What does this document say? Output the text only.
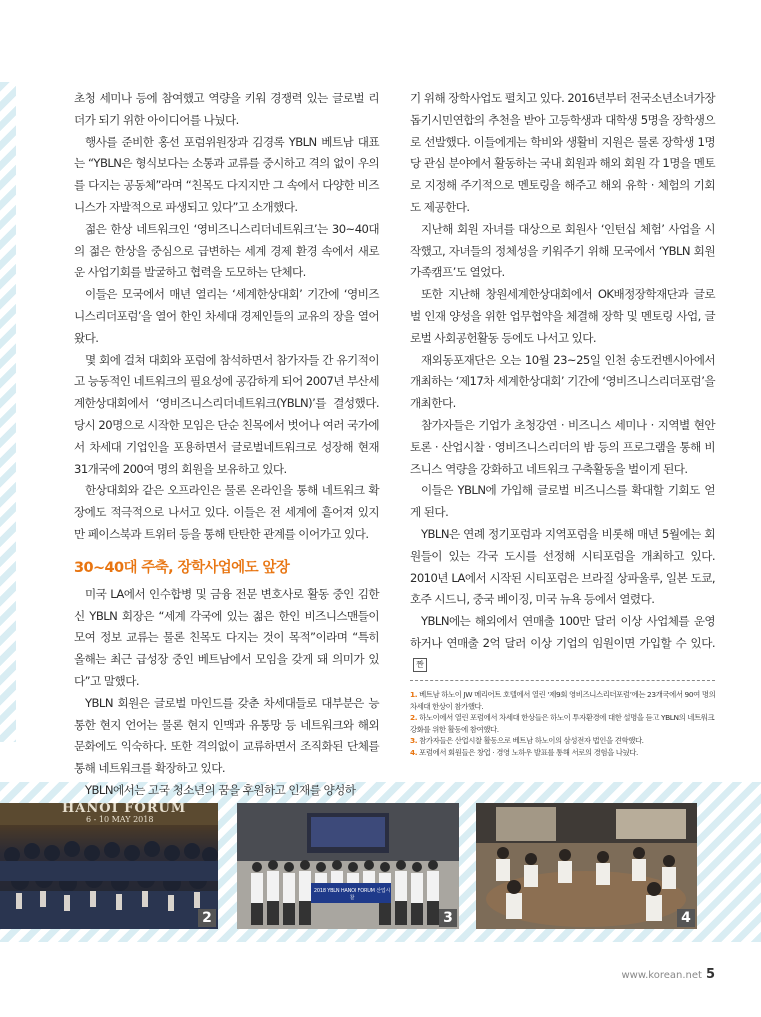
초청 세미나 등에 참여했고 역량을 키워 경쟁력 있는 글로벌 리더가 되기 위한 아이디어를 나눴다.

행사를 준비한 홍선 포럼위원장과 김경록 YBLN 베트남 대표는 “YBLN은 형식보다는 소통과 교류를 중시하고 격의 없이 우의를 다지는 공동체”라며 “친목도 다지지만 그 속에서 다양한 비즈니스가 자발적으로 파생되고 있다”고 소개했다.

젊은 한상 네트워크인 ‘영비즈니스리더네트워크’는 30~40대의 젊은 한상을 중심으로 급변하는 세계 경제 환경 속에서 새로운 사업기회를 발굴하고 협력을 도모하는 단체다.

이들은 모국에서 매년 열리는 ‘세계한상대회’ 기간에 ‘영비즈니스리더포럼’을 열어 한인 차세대 경제인들의 교유의 장을 열어왔다.

몇 회에 걸쳐 대회와 포럼에 참석하면서 참가자들 간 유기적이고 능동적인 네트워크의 필요성에 공감하게 되어 2007년 부산세계한상대회에서 ‘영비즈니스리더네트워크(YBLN)’를 결성했다. 당시 20명으로 시작한 모임은 단순 친목에서 벗어나 여러 국가에서 차세대 기업인을 포용하면서 글로벌네트워크로 성장해 현재 31개국에 200여 명의 회원을 보유하고 있다.

한상대회와 같은 오프라인은 물론 온라인을 통해 네트워크 확장에도 적극적으로 나서고 있다. 이들은 전 세계에 흩어져 있지만 페이스북과 트위터 등을 통해 탄탄한 관계를 이어가고 있다.

30~40대 주축, 장학사업에도 앞장

미국 LA에서 인수합병 및 금융 전문 변호사로 활동 중인 김한신 YBLN 회장은 “세계 각국에 있는 젊은 한인 비즈니스맨들이 모여 정보 교류는 물론 친목도 다지는 것이 목적”이라며 “특히 올해는 최근 급성장 중인 베트남에서 모임을 갖게 돼 의미가 있다”고 말했다.

YBLN 회원은 글로벌 마인드를 갖춘 차세대들로 대부분은 능통한 현지 언어는 물론 현지 인맥과 유통망 등 네트워크와 해외 문화에도 익숙하다. 또한 격의없이 교류하면서 조직화된 단체를 통해 네트워크를 확장하고 있다.

YBLN에서는 고국 청소년의 꿈을 후원하고 인재를 양성하

기 위해 장학사업도 펼치고 있다. 2016년부터 전국소년소녀가장돕기시민연합의 추천을 받아 고등학생과 대학생 5명을 장학생으로 선발했다. 이들에게는 학비와 생활비 지원은 물론 장학생 1명당 관심 분야에서 활동하는 국내 회원과 해외 회원 각 1명을 멘토로 지정해 주기적으로 멘토링을 해주고 해외 유학 · 체험의 기회도 제공한다.

지난해 회원 자녀를 대상으로 회원사 ‘인턴십 체험’ 사업을 시작했고, 자녀들의 정체성을 키워주기 위해 모국에서 ‘YBLN 회원 가족캠프’도 열었다.

또한 지난해 창원세계한상대회에서 OK배정장학재단과 글로벌 인재 양성을 위한 업무협약을 체결해 장학 및 멘토링 사업, 글로벌 사회공헌활동 등에도 나서고 있다.

재외동포재단은 오는 10월 23~25일 인천 송도컨벤시아에서 개최하는 ‘제17차 세계한상대회’ 기간에 ‘영비즈니스리더포럼’을 개최한다.

참가자들은 기업가 초청강연 · 비즈니스 세미나 · 지역별 현안 토론 · 산업시찰 · 영비즈니스리더의 밤 등의 프로그램을 통해 비즈니스 역량을 강화하고 네트워크 구축활동을 벌이게 된다.

이들은 YBLN에 가입해 글로벌 비즈니스를 확대할 기회도 얻게 된다.

YBLN은 연례 정기포럼과 지역포럼을 비롯해 매년 5월에는 회원들이 있는 각국 도시를 선정해 시티포럼을 개최하고 있다. 2010년 LA에서 시작된 시티포럼은 브라질 상파울루, 일본 도쿄, 호주 시드니, 중국 베이징, 미국 뉴욕 등에서 열렸다.

YBLN에는 해외에서 연매출 100만 달러 이상 사업체를 운영하거나 연매출 2억 달러 이상 기업의 임원이면 가입할 수 있다.짠

1. 베트남 하노이 JW 메리어트 호텔에서 열린 ‘제9회 영비즈니스리더포럼’에는 23개국에서 90여 명의 차세대 한상이 참가했다.
2. 하노이에서 열린 포럼에서 차세대 한상들은 하노이 투자환경에 대한 설명을 듣고 YBLN의 네트워크 강화를 위한 활동에 참여했다.
3. 참가자들은 산업시찰 활동으로 베트남 하노이의 삼성전자 법인을 견학했다.
4. 포럼에서 회원들은 창업 · 경영 노하우 발표를 통해 서로의 경험을 나눴다.
HANOI FORUM
6 - 10 MAY 2018
2
2018 YBLN HANOI FORUM 산업시찰
3	4
www.korean.net 5
